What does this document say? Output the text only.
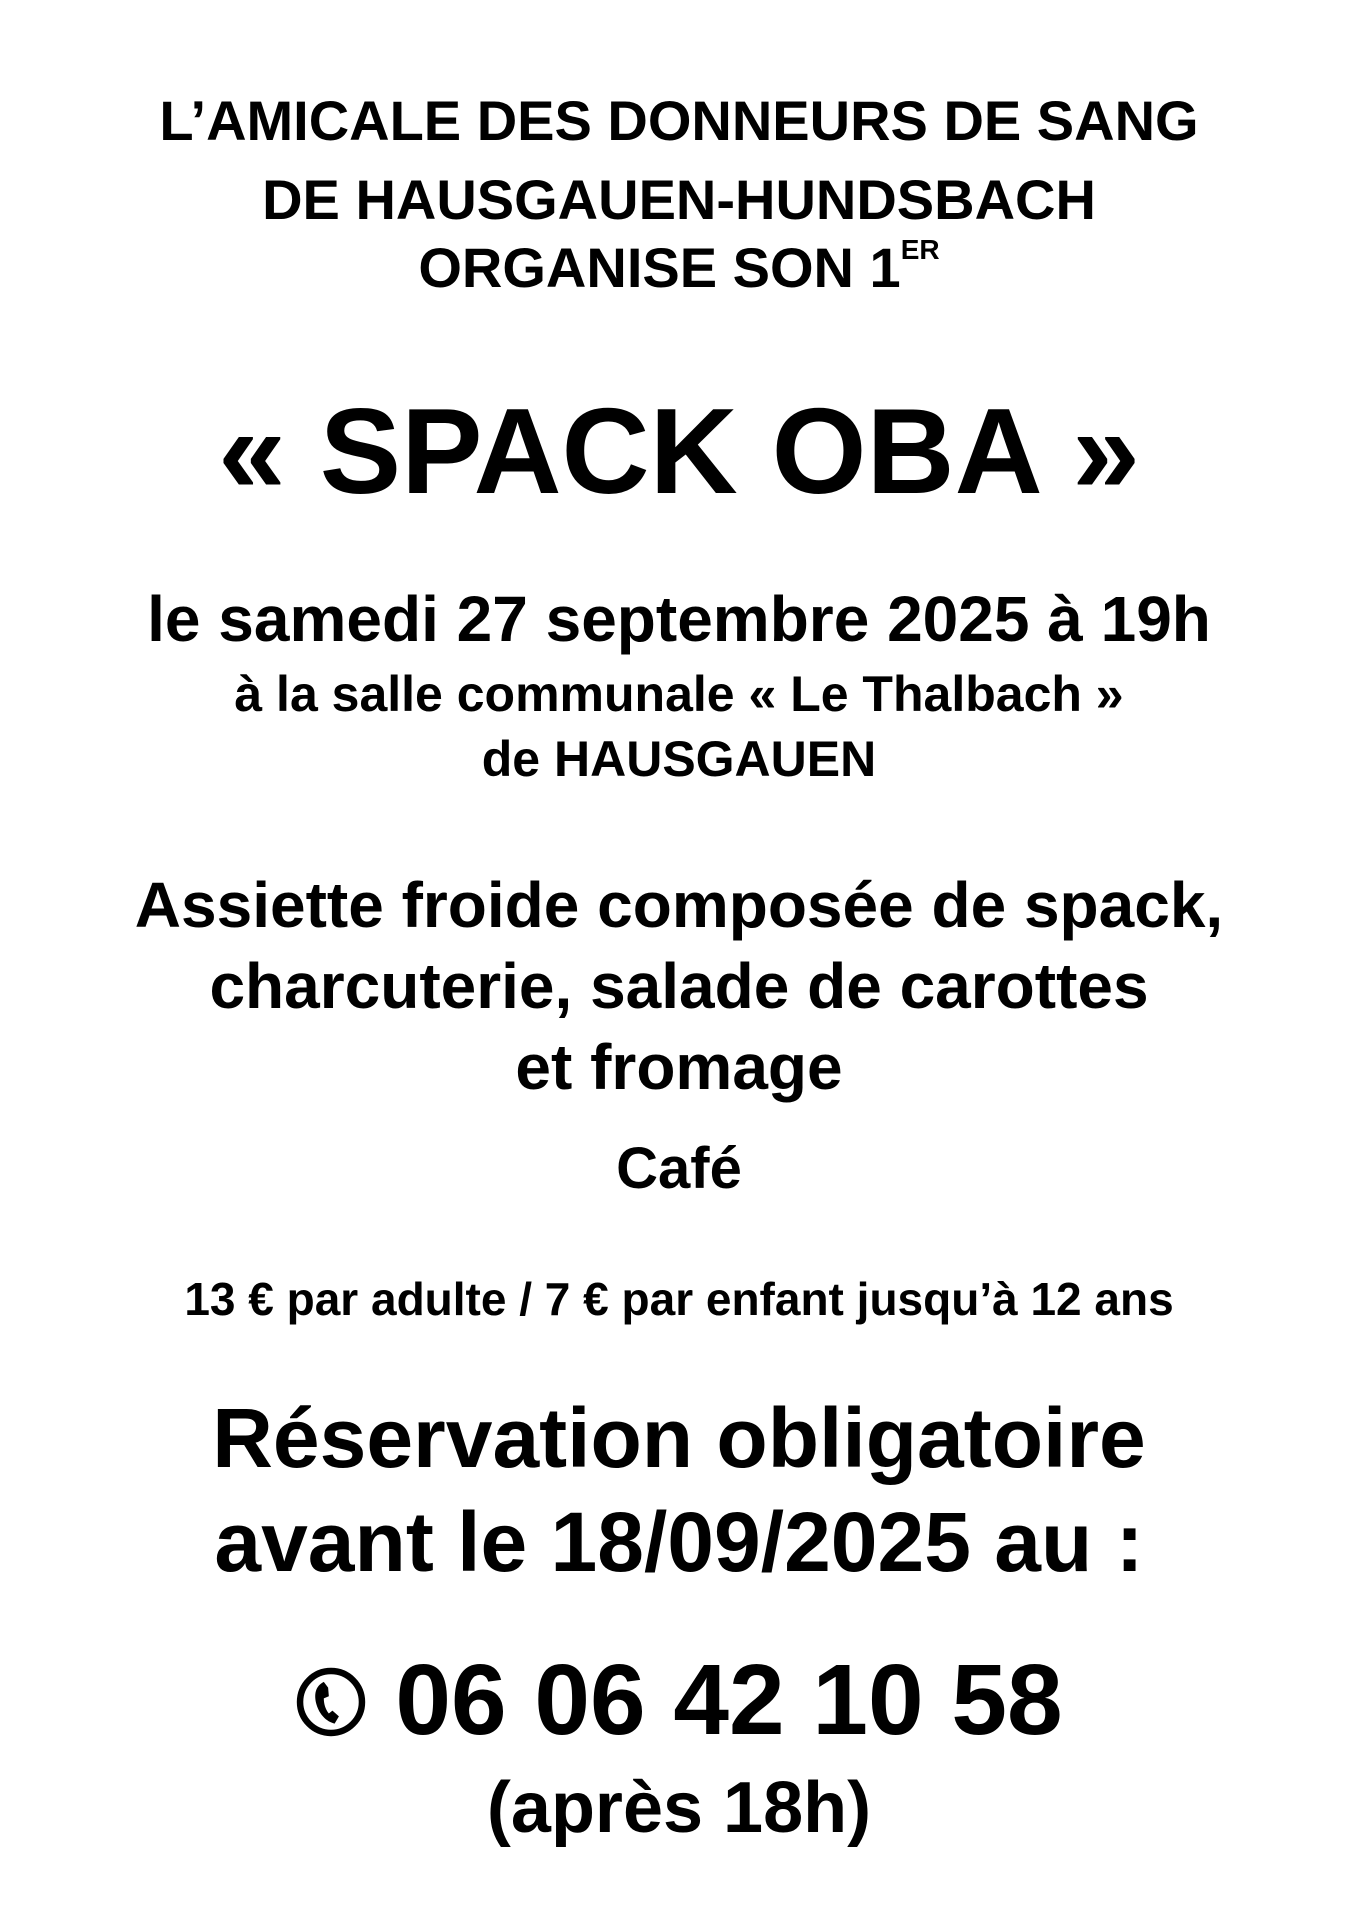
L’AMICALE DES DONNEURS DE SANG
DE HAUSGAUEN-HUNDSBACH
ORGANISE SON 1ER
« SPACK OBA »
le samedi 27 septembre 2025 à 19h
à la salle communale « Le Thalbach »
de HAUSGAUEN
Assiette froide composée de spack,
charcuterie, salade de carottes
et fromage
Café
13 € par adulte / 7 € par enfant jusqu’à 12 ans
Réservation obligatoire
avant le 18/09/2025 au :
06 06 42 10 58
(après 18h)
